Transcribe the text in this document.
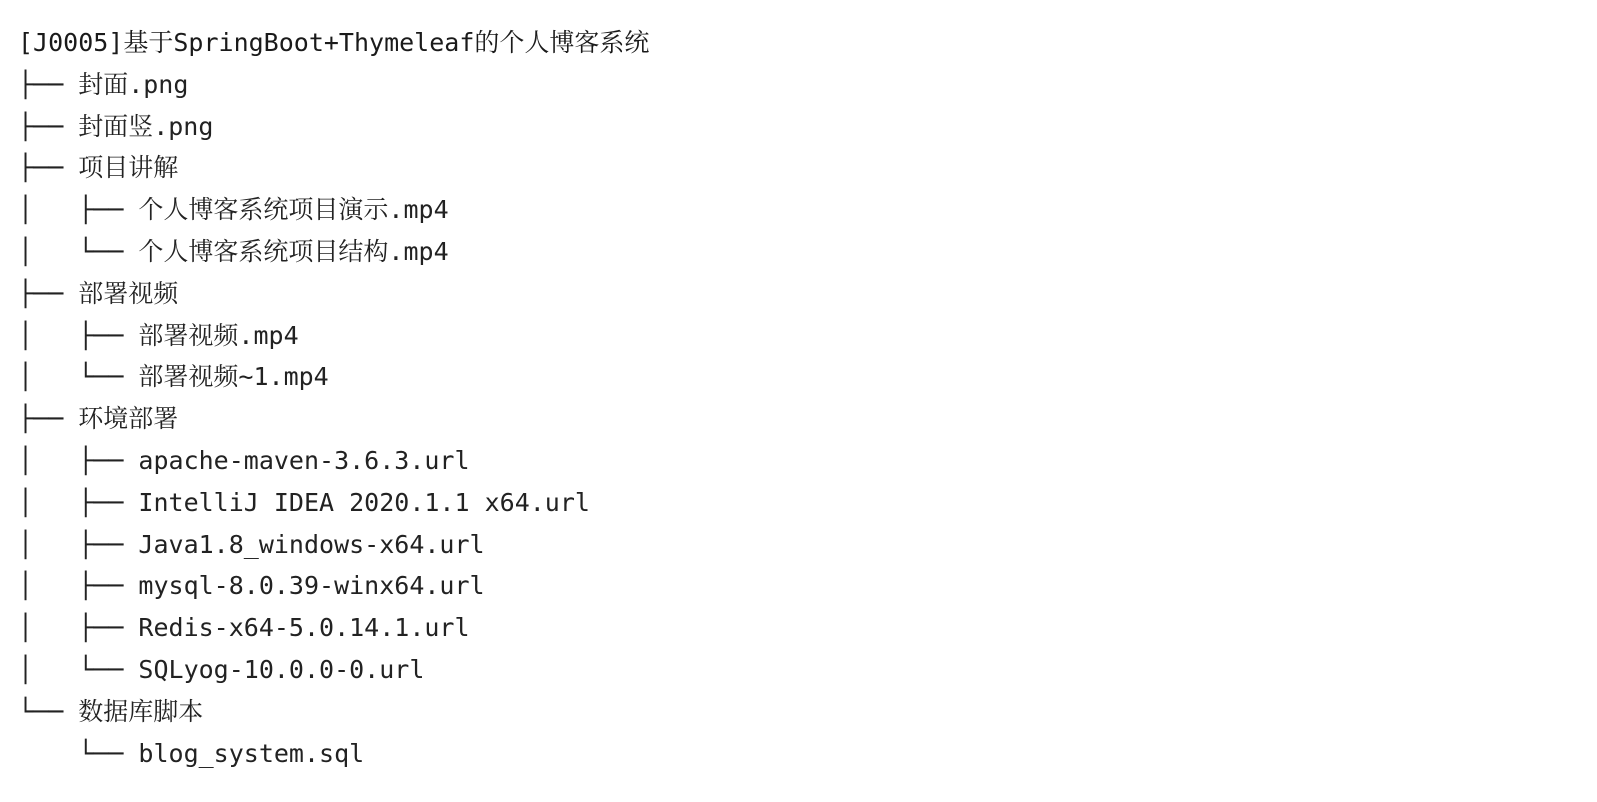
[J0005]基于SpringBoot+Thymeleaf的个人博客系统
├── 封面.png
├── 封面竖.png
├── 项目讲解
│   ├── 个人博客系统项目演示.mp4
│   └── 个人博客系统项目结构.mp4
├── 部署视频
│   ├── 部署视频.mp4
│   └── 部署视频~1.mp4
├── 环境部署
│   ├── apache-maven-3.6.3.url
│   ├── IntelliJ IDEA 2020.1.1 x64.url
│   ├── Java1.8_windows-x64.url
│   ├── mysql-8.0.39-winx64.url
│   ├── Redis-x64-5.0.14.1.url
│   └── SQLyog-10.0.0-0.url
└── 数据库脚本
└── blog_system.sql
